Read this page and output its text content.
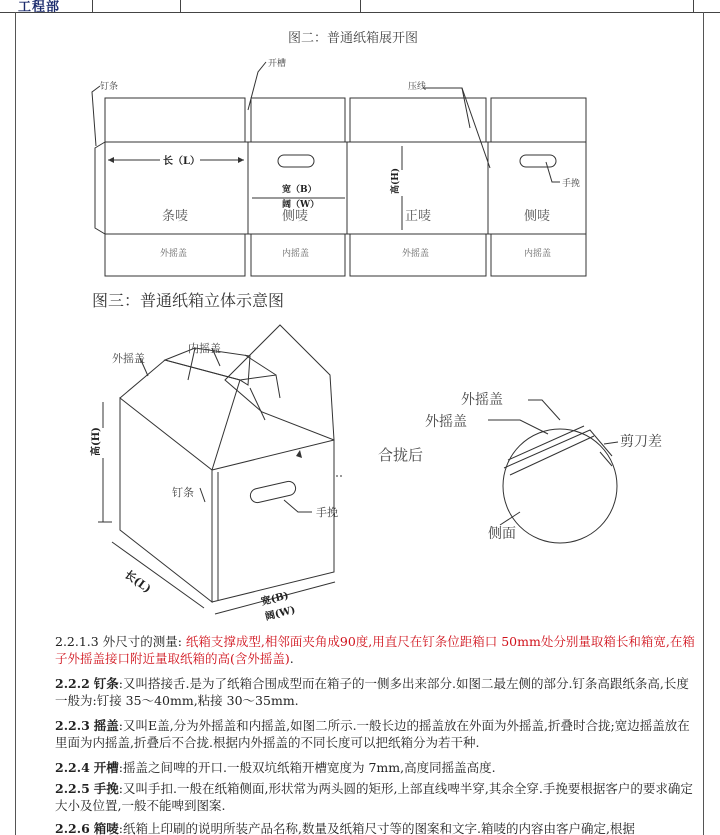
工程部
图二：普通纸箱展开图
开槽
钉条	压线
手挽
长（L）
宽（B）
阔（W）
高(H)
条唛	侧唛	正唛	侧唛
外摇盖	内摇盖	外摇盖	内摇盖
图三：普通纸箱立体示意图
外摇盖
内摇盖
钉条
手挽
高(H)
长(L)
宽(B)
阔(W)
合拢后
外摇盖
外摇盖
剪刀差
侧面
2.2.1.3 外尺寸的测量: 纸箱支撑成型,相邻面夹角成90度,用直尺在钉条位距箱口 50mm处分别量取箱长和箱宽,在箱子外摇盖接口附近量取纸箱的高(含外摇盖).
2.2.2 钉条:又叫搭接舌.是为了纸箱合围成型而在箱子的一侧多出来部分.如图二最左侧的部分.钉条高跟纸条高,长度一般为:钉接 35～40mm,粘接 30～35mm.
2.2.3 摇盖:又叫E盖,分为外摇盖和内摇盖,如图二所示.一般长边的摇盖放在外面为外摇盖,折叠时合拢;宽边摇盖放在里面为内摇盖,折叠后不合拢.根据内外摇盖的不同长度可以把纸箱分为若干种.
2.2.4 开槽:摇盖之间啤的开口.一般双坑纸箱开槽宽度为 7mm,高度同摇盖高度.
2.2.5 手挽:又叫手扣.一般在纸箱侧面,形状常为两头圆的矩形,上部直线啤半穿,其余全穿.手挽要根据客户的要求确定大小及位置,一般不能啤到图案.
2.2.6 箱唛:纸箱上印刷的说明所装产品名称,数量及纸箱尺寸等的图案和文字.箱唛的内容由客户确定,根据
